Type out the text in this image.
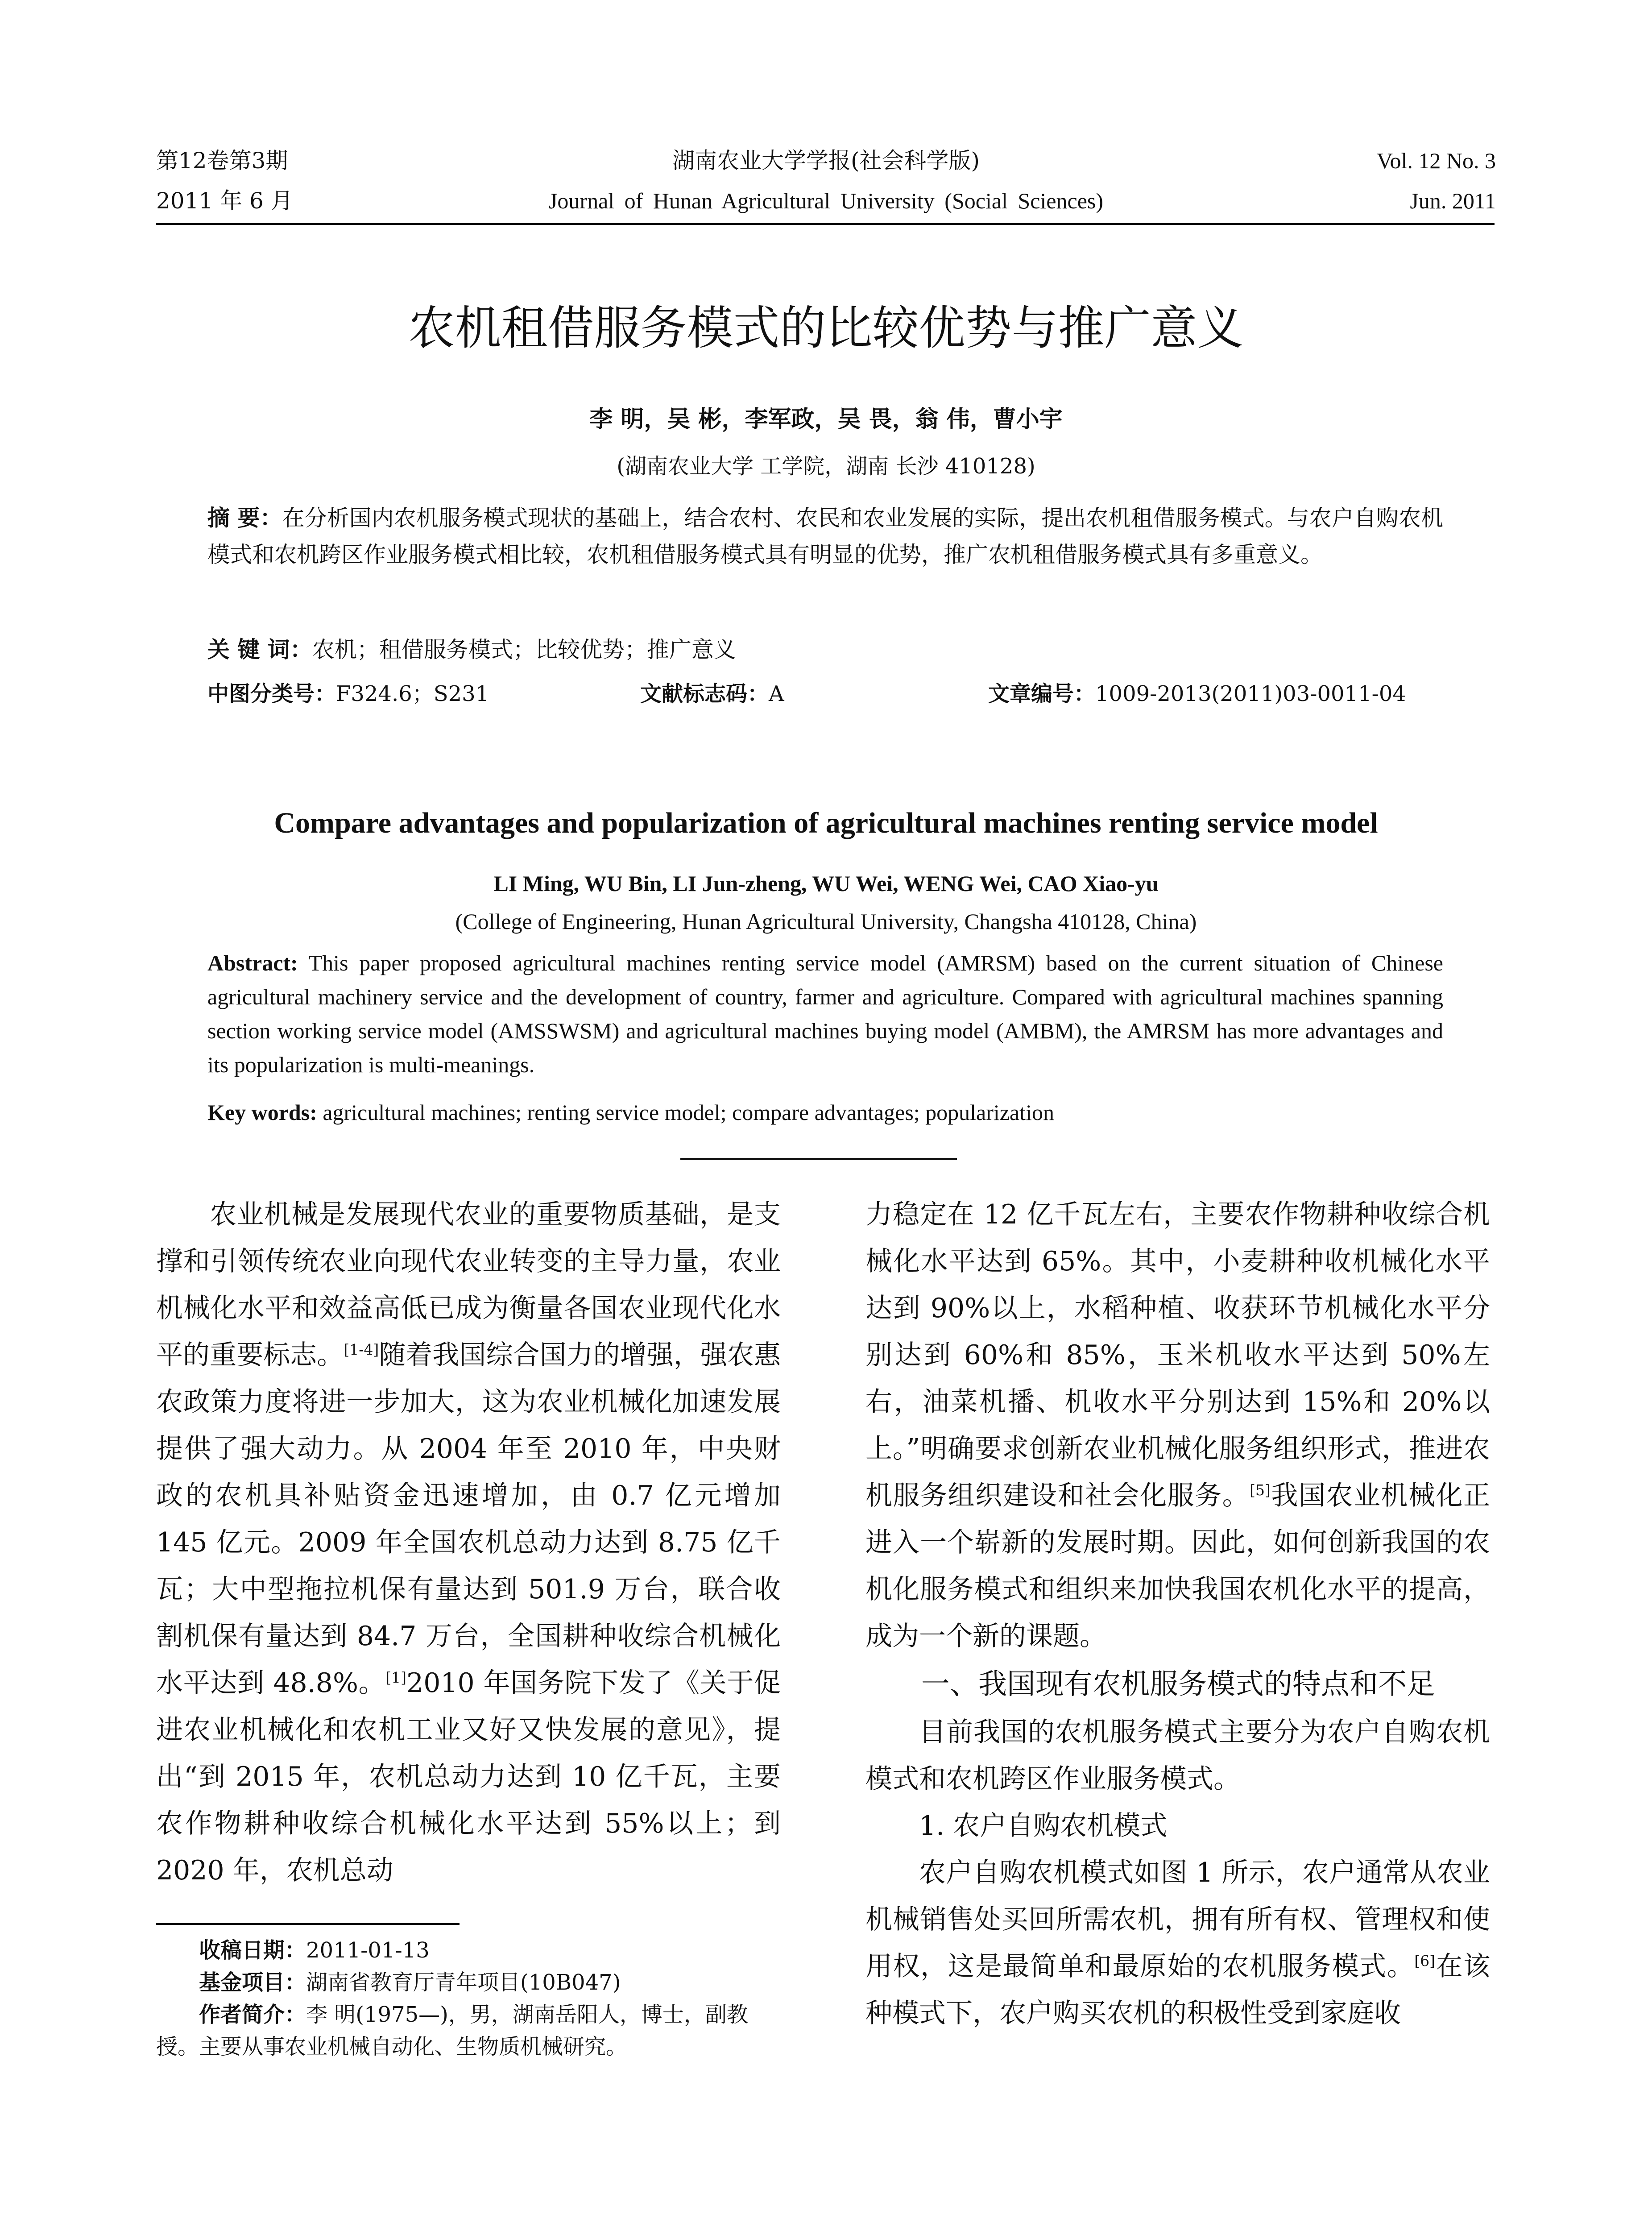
第12卷第3期
2011 年 6 月
湖南农业大学学报(社会科学版)
Journal of Hunan Agricultural University (Social Sciences)
Vol. 12 No. 3
Jun. 2011
农机租借服务模式的比较优势与推广意义
李 明，吴 彬，李军政，吴 畏，翁 伟，曹小宇
(湖南农业大学 工学院，湖南 长沙 410128)
摘 要：在分析国内农机服务模式现状的基础上，结合农村、农民和农业发展的实际，提出农机租借服务模式。与农户自购农机模式和农机跨区作业服务模式相比较，农机租借服务模式具有明显的优势，推广农机租借服务模式具有多重意义。
关 键 词：农机；租借服务模式；比较优势；推广意义
中图分类号：F324.6；S231	文献标志码：A	文章编号：1009-2013(2011)03-0011-04
Compare advantages and popularization of agricultural machines renting service model
LI Ming, WU Bin, LI Jun-zheng, WU Wei, WENG Wei, CAO Xiao-yu
(College of Engineering, Hunan Agricultural University, Changsha 410128, China)
Abstract: This paper proposed agricultural machines renting service model (AMRSM) based on the current situation of Chinese agricultural machinery service and the development of country, farmer and agriculture. Compared with agricultural machines spanning section working service model (AMSSWSM) and agricultural machines buying model (AMBM), the AMRSM has more advantages and its popularization is multi-meanings.
Key words: agricultural machines; renting service model; compare advantages; popularization

农业机械是发展现代农业的重要物质基础，是支撑和引领传统农业向现代农业转变的主导力量，农业机械化水平和效益高低已成为衡量各国农业现代化水平的重要标志。[1-4]随着我国综合国力的增强，强农惠农政策力度将进一步加大，这为农业机械化加速发展提供了强大动力。从 2004 年至 2010 年，中央财政的农机具补贴资金迅速增加，由 0.7 亿元增加 145 亿元。2009 年全国农机总动力达到 8.75 亿千瓦；大中型拖拉机保有量达到 501.9 万台，联合收割机保有量达到 84.7 万台，全国耕种收综合机械化水平达到 48.8%。[1]2010 年国务院下发了《关于促进农业机械化和农机工业又好又快发展的意见》，提出“到 2015 年，农机总动力达到 10 亿千瓦，主要农作物耕种收综合机械化水平达到 55%以上；到 2020 年，农机总动

力稳定在 12 亿千瓦左右，主要农作物耕种收综合机械化水平达到 65%。其中，小麦耕种收机械化水平达到 90%以上，水稻种植、收获环节机械化水平分别达到 60%和 85%，玉米机收水平达到 50%左右，油菜机播、机收水平分别达到 15%和 20%以上。”明确要求创新农业机械化服务组织形式，推进农机服务组织建设和社会化服务。[5]我国农业机械化正进入一个崭新的发展时期。因此，如何创新我国的农机化服务模式和组织来加快我国农机化水平的提高，成为一个新的课题。

一、我国现有农机服务模式的特点和不足

目前我国的农机服务模式主要分为农户自购农机模式和农机跨区作业服务模式。

1. 农户自购农机模式

农户自购农机模式如图 1 所示，农户通常从农业机械销售处买回所需农机，拥有所有权、管理权和使用权，这是最简单和最原始的农机服务模式。[6]在该种模式下，农户购买农机的积极性受到家庭收

收稿日期：2011-01-13
基金项目：湖南省教育厅青年项目(10B047)
作者简介：李 明(1975—)，男，湖南岳阳人，博士，副教授。主要从事农业机械自动化、生物质机械研究。
